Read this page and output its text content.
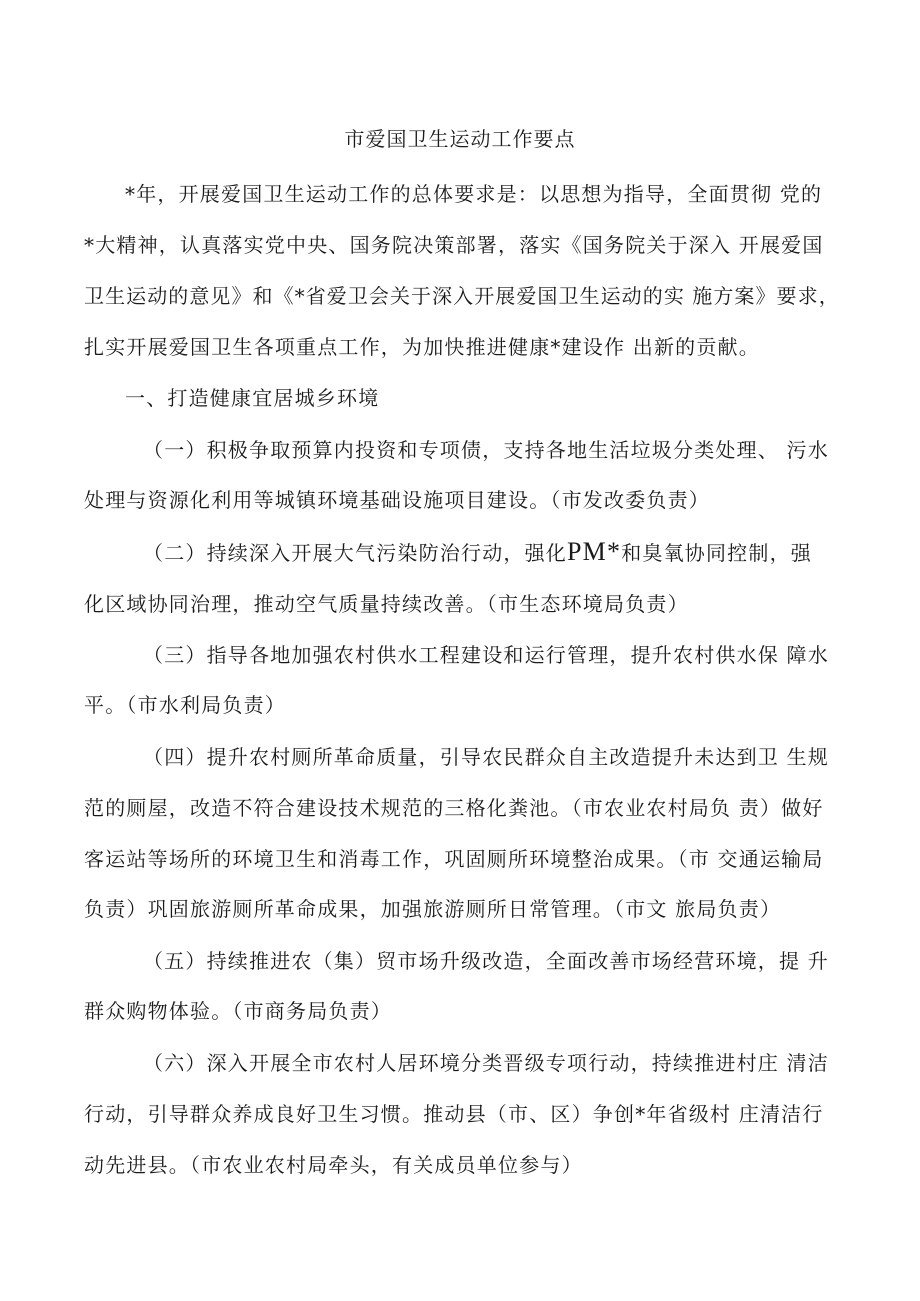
市爱国卫生运动工作要点
*年，开展爱国卫生运动工作的总体要求是：以思想为指导，全面贯彻 党的
*大精神，认真落实党中央、国务院决策部署，落实《国务院关于深入 开展爱国
卫生运动的意见》和《*省爱卫会关于深入开展爱国卫生运动的实 施方案》要求，
扎实开展爱国卫生各项重点工作，为加快推进健康*建设作 出新的贡献。
一、打造健康宜居城乡环境
（一）积极争取预算内投资和专项债，支持各地生活垃圾分类处理、 污水
处理与资源化利用等城镇环境基础设施项目建设。（市发改委负责）
（二）持续深入开展大气污染防治行动，强化PM*和臭氧协同控制，强
化区域协同治理，推动空气质量持续改善。（市生态环境局负责）
（三）指导各地加强农村供水工程建设和运行管理，提升农村供水保 障水
平。（市水利局负责）
（四）提升农村厕所革命质量，引导农民群众自主改造提升未达到卫 生规
范的厕屋，改造不符合建设技术规范的三格化粪池。（市农业农村局负 责）做好
客运站等场所的环境卫生和消毒工作，巩固厕所环境整治成果。（市 交通运输局
负责）巩固旅游厕所革命成果，加强旅游厕所日常管理。（市文 旅局负责）
（五）持续推进农（集）贸市场升级改造，全面改善市场经营环境，提 升
群众购物体验。（市商务局负责）
（六）深入开展全市农村人居环境分类晋级专项行动，持续推进村庄 清洁
行动，引导群众养成良好卫生习惯。推动县（市、区）争创*年省级村 庄清洁行
动先进县。（市农业农村局牵头，有关成员单位参与）
